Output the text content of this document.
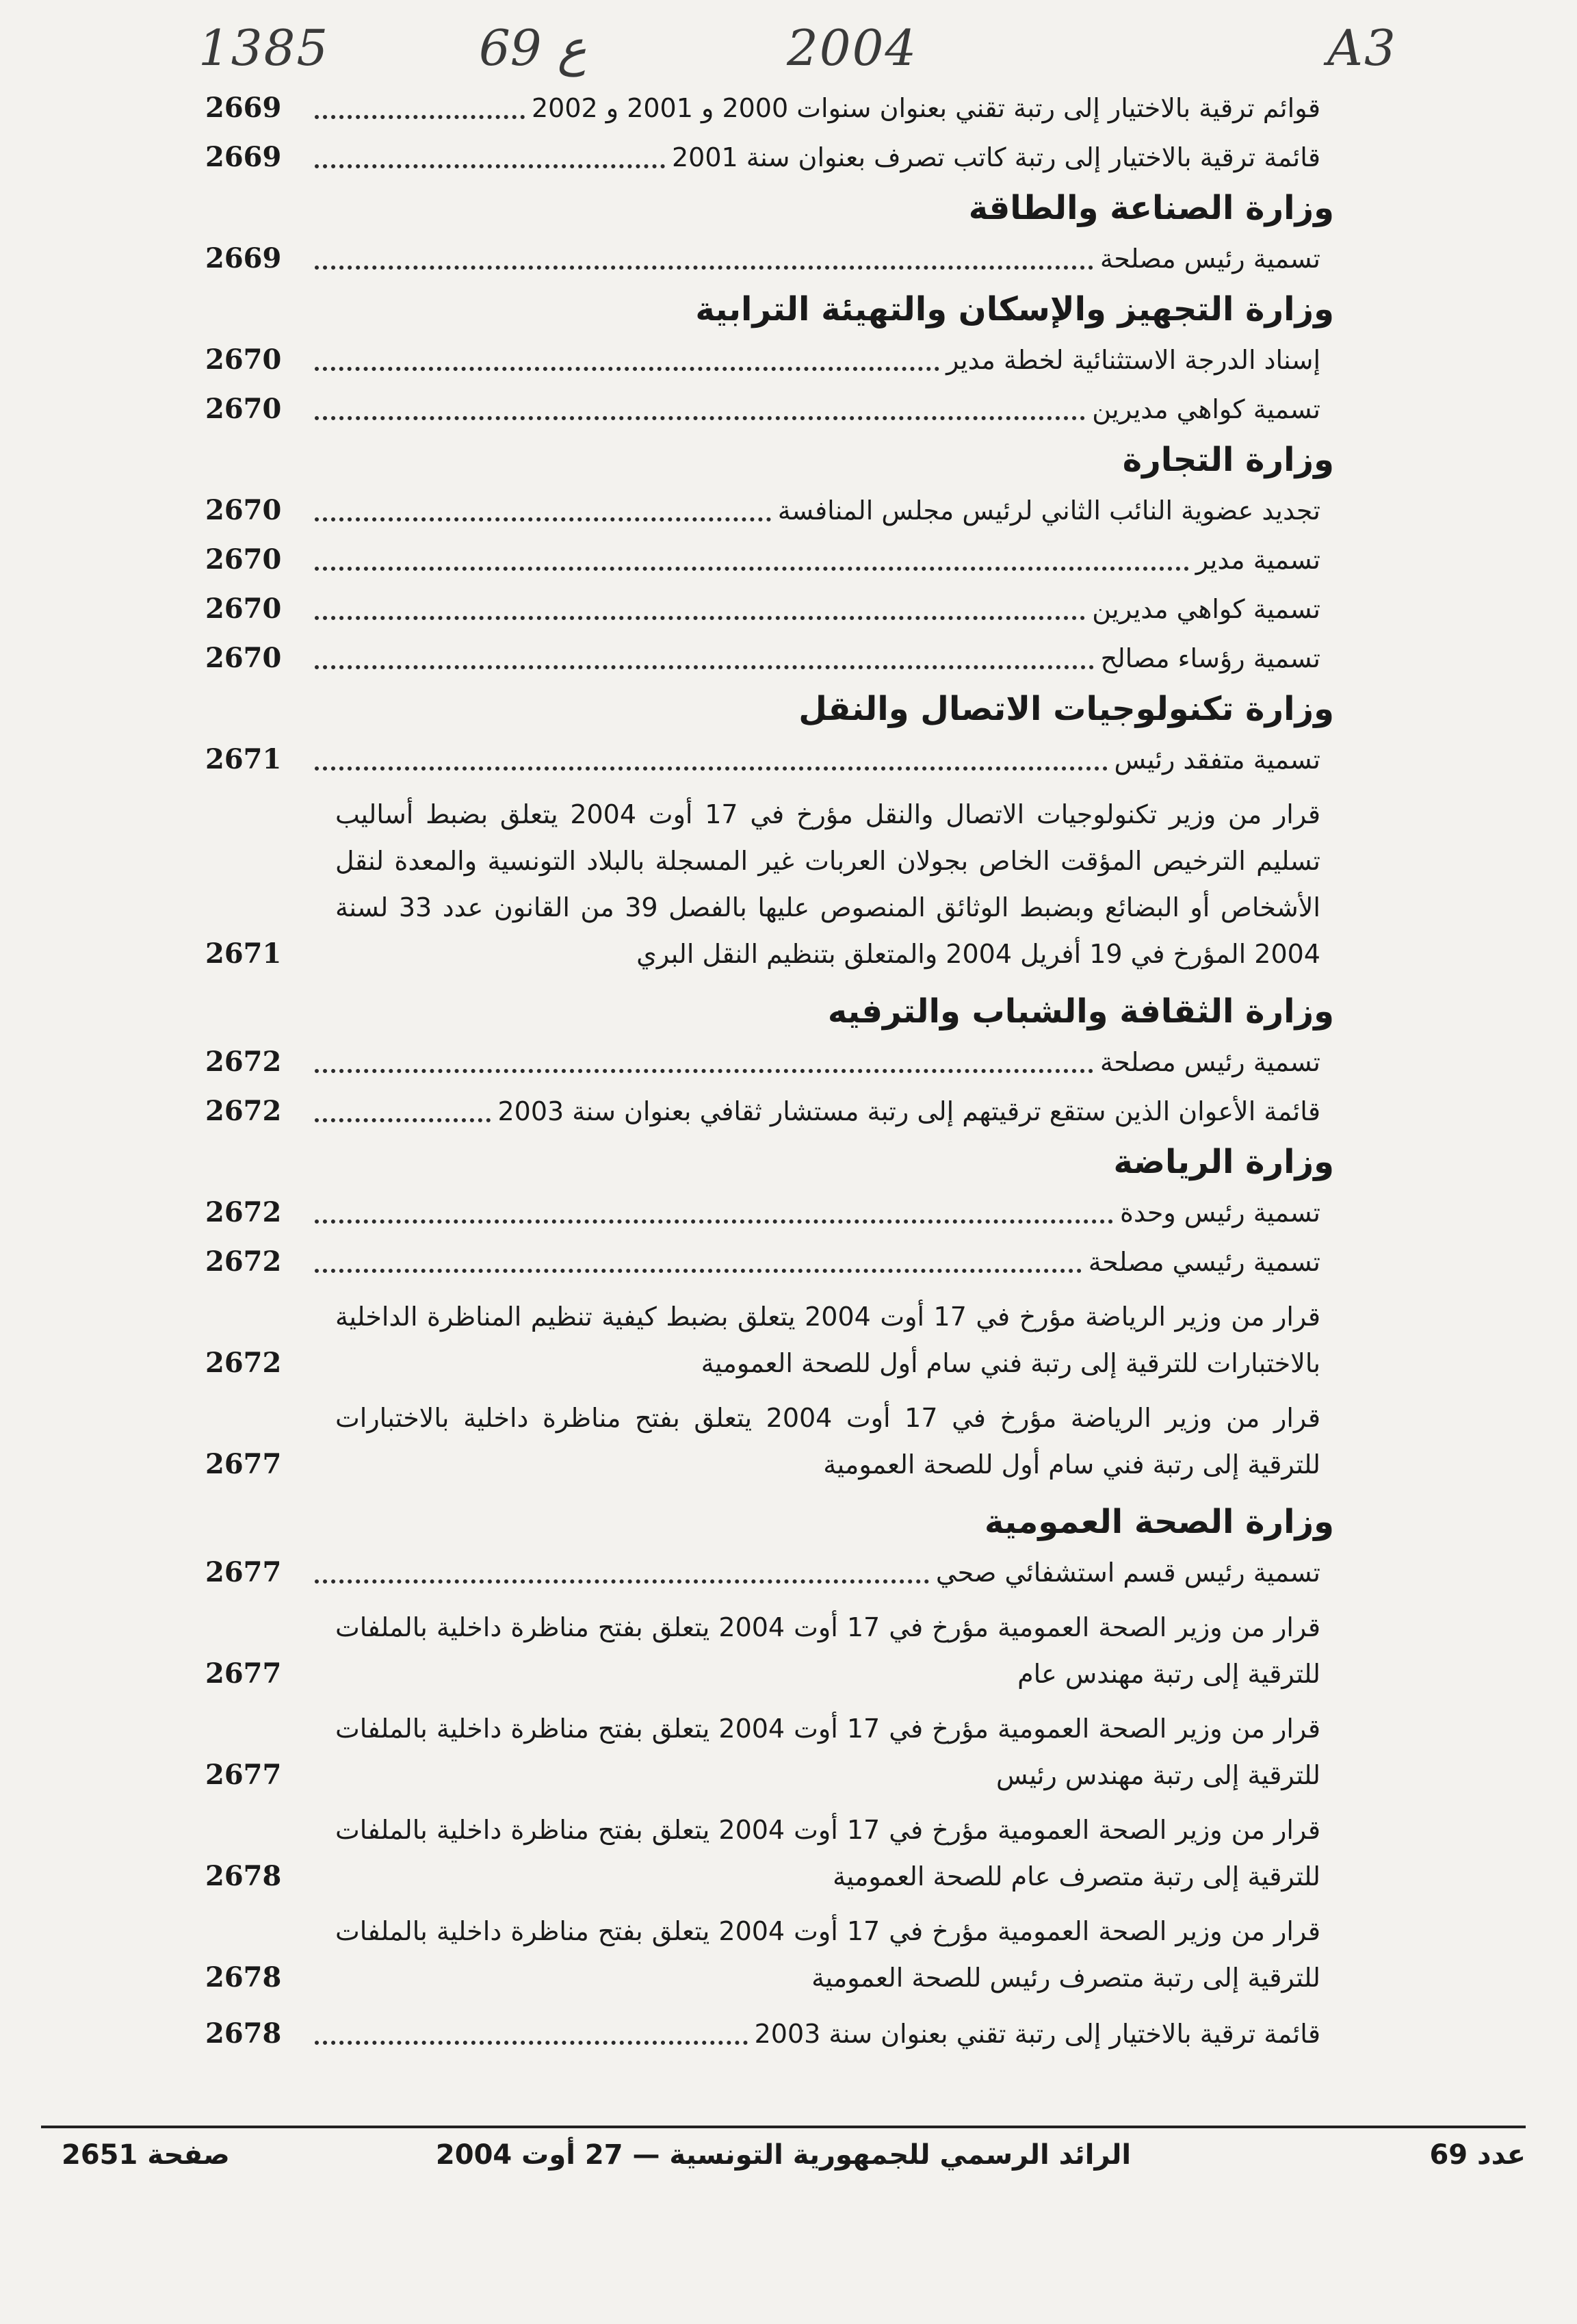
A3
2004
69 ع
1385
قوائم ترقية بالاختيار إلى رتبة تقني بعنوان سنوات 2000 و 2001 و 2002
2669
قائمة ترقية بالاختيار إلى رتبة كاتب تصرف بعنوان سنة 2001
2669
وزارة الصناعة والطاقة
تسمية رئيس مصلحة
2669
وزارة التجهيز والإسكان والتهيئة الترابية
إسناد الدرجة الاستثنائية لخطة مدير
2670
تسمية كواهي مديرين
2670
وزارة التجارة
تجديد عضوية النائب الثاني لرئيس مجلس المنافسة
2670
تسمية مدير
2670
تسمية كواهي مديرين
2670
تسمية رؤساء مصالح
2670
وزارة تكنولوجيات الاتصال والنقل
تسمية متفقد رئيس
2671
قرار من وزير تكنولوجيات الاتصال والنقل مؤرخ في 17 أوت 2004 يتعلق بضبط أساليب تسليم الترخيص المؤقت الخاص بجولان العربات غير المسجلة بالبلاد التونسية والمعدة لنقل الأشخاص أو البضائع وبضبط الوثائق المنصوص عليها بالفصل 39 من القانون عدد 33 لسنة 2004 المؤرخ في 19 أفريل 2004 والمتعلق بتنظيم النقل البري
2671
وزارة الثقافة والشباب والترفيه
تسمية رئيس مصلحة
2672
قائمة الأعوان الذين ستقع ترقيتهم إلى رتبة مستشار ثقافي بعنوان سنة 2003
2672
وزارة الرياضة
تسمية رئيس وحدة
2672
تسمية رئيسي مصلحة
2672
قرار من وزير الرياضة مؤرخ في 17 أوت 2004 يتعلق بضبط كيفية تنظيم المناظرة الداخلية بالاختبارات للترقية إلى رتبة فني سام أول للصحة العمومية
2672
قرار من وزير الرياضة مؤرخ في 17 أوت 2004 يتعلق بفتح مناظرة داخلية بالاختبارات للترقية إلى رتبة فني سام أول للصحة العمومية
2677
وزارة الصحة العمومية
تسمية رئيس قسم استشفائي صحي
2677
قرار من وزير الصحة العمومية مؤرخ في 17 أوت 2004 يتعلق بفتح مناظرة داخلية بالملفات للترقية إلى رتبة مهندس عام
2677
قرار من وزير الصحة العمومية مؤرخ في 17 أوت 2004 يتعلق بفتح مناظرة داخلية بالملفات للترقية إلى رتبة مهندس رئيس
2677
قرار من وزير الصحة العمومية مؤرخ في 17 أوت 2004 يتعلق بفتح مناظرة داخلية بالملفات للترقية إلى رتبة متصرف عام للصحة العمومية
2678
قرار من وزير الصحة العمومية مؤرخ في 17 أوت 2004 يتعلق بفتح مناظرة داخلية بالملفات للترقية إلى رتبة متصرف رئيس للصحة العمومية
2678
قائمة ترقية بالاختيار إلى رتبة تقني بعنوان سنة 2003
2678
عدد 69
الرائد الرسمي للجمهورية التونسية — 27 أوت 2004
صفحة 2651
